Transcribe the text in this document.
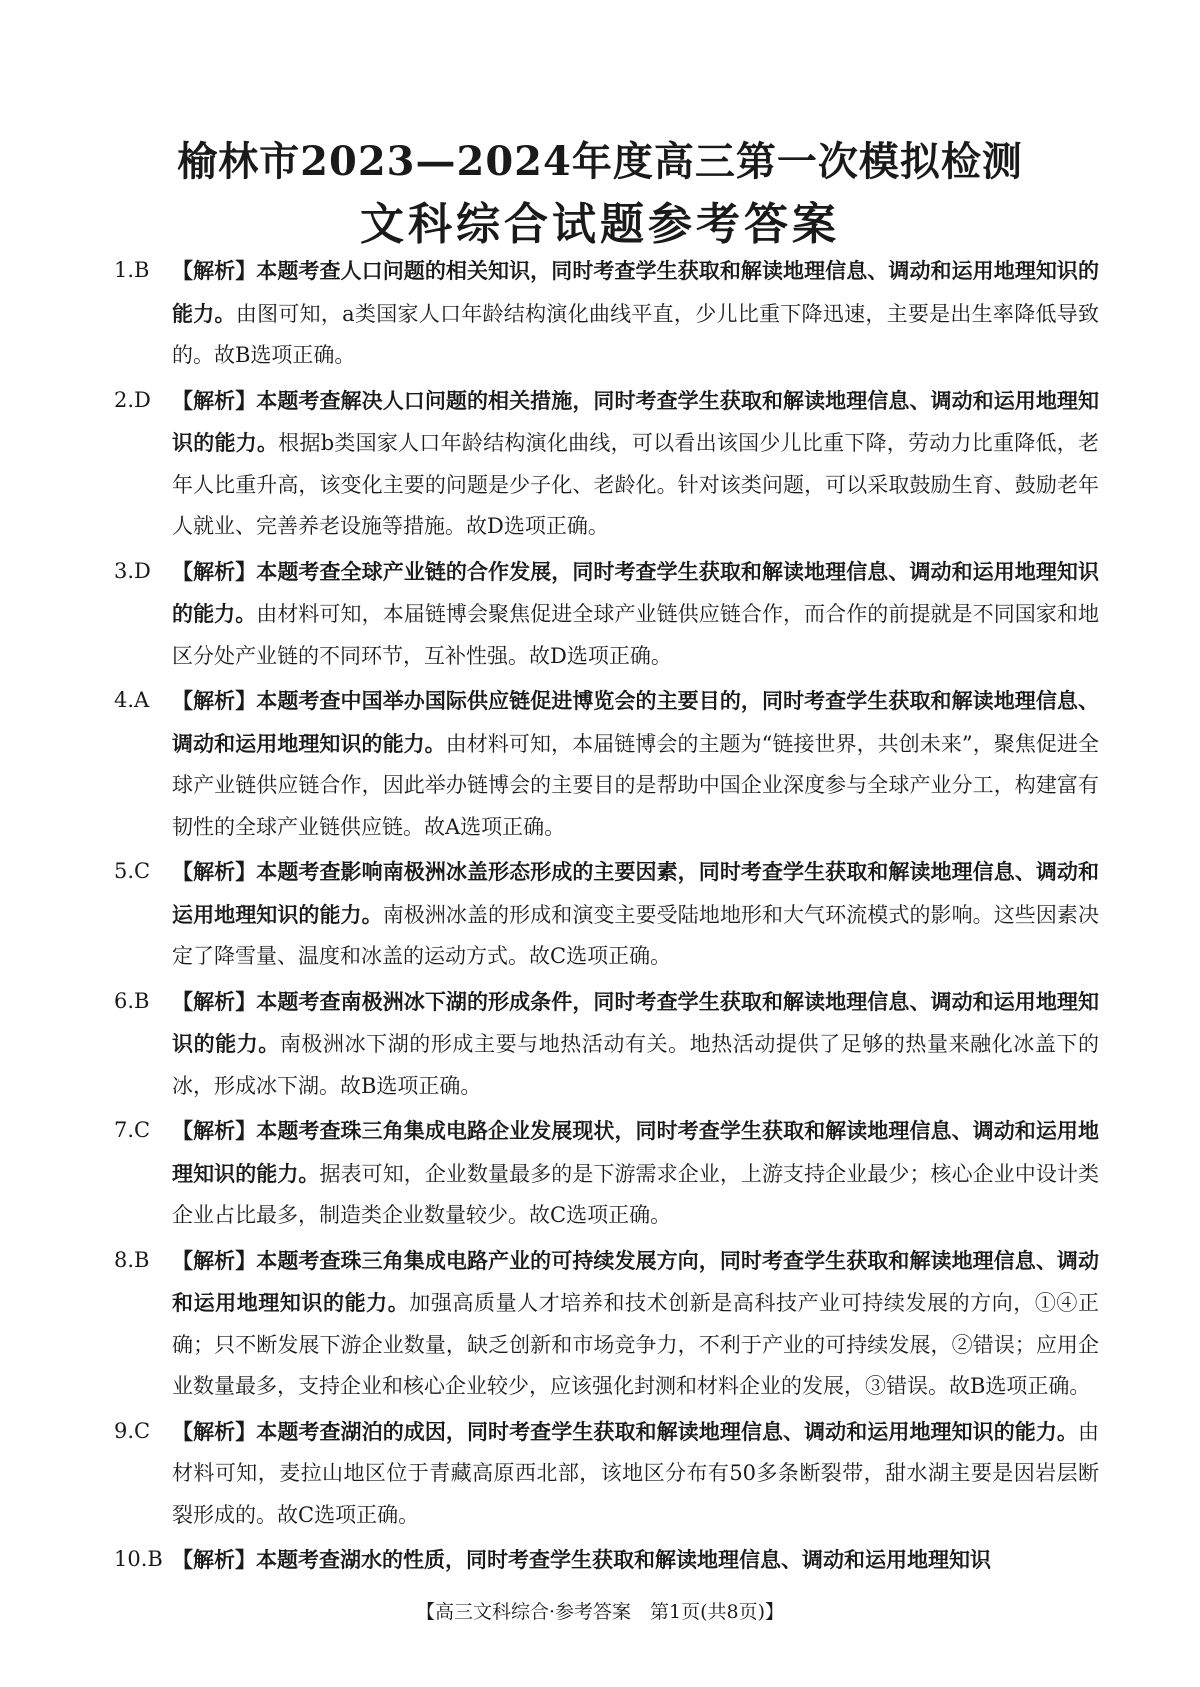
榆林市2023—2024年度高三第一次模拟检测
文科综合试题参考答案
1.B	【解析】本题考查人口问题的相关知识，同时考查学生获取和解读地理信息、调动和运用地理知识的能力。由图可知，a类国家人口年龄结构演化曲线平直，少儿比重下降迅速，主要是出生率降低导致的。故B选项正确。
2.D	【解析】本题考查解决人口问题的相关措施，同时考查学生获取和解读地理信息、调动和运用地理知识的能力。根据b类国家人口年龄结构演化曲线，可以看出该国少儿比重下降，劳动力比重降低，老年人比重升高，该变化主要的问题是少子化、老龄化。针对该类问题，可以采取鼓励生育、鼓励老年人就业、完善养老设施等措施。故D选项正确。
3.D	【解析】本题考查全球产业链的合作发展，同时考查学生获取和解读地理信息、调动和运用地理知识的能力。由材料可知，本届链博会聚焦促进全球产业链供应链合作，而合作的前提就是不同国家和地区分处产业链的不同环节，互补性强。故D选项正确。
4.A	【解析】本题考查中国举办国际供应链促进博览会的主要目的，同时考查学生获取和解读地理信息、调动和运用地理知识的能力。由材料可知，本届链博会的主题为“链接世界，共创未来”，聚焦促进全球产业链供应链合作，因此举办链博会的主要目的是帮助中国企业深度参与全球产业分工，构建富有韧性的全球产业链供应链。故A选项正确。
5.C	【解析】本题考查影响南极洲冰盖形态形成的主要因素，同时考查学生获取和解读地理信息、调动和运用地理知识的能力。南极洲冰盖的形成和演变主要受陆地地形和大气环流模式的影响。这些因素决定了降雪量、温度和冰盖的运动方式。故C选项正确。
6.B	【解析】本题考查南极洲冰下湖的形成条件，同时考查学生获取和解读地理信息、调动和运用地理知识的能力。南极洲冰下湖的形成主要与地热活动有关。地热活动提供了足够的热量来融化冰盖下的冰，形成冰下湖。故B选项正确。
7.C	【解析】本题考查珠三角集成电路企业发展现状，同时考查学生获取和解读地理信息、调动和运用地理知识的能力。据表可知，企业数量最多的是下游需求企业，上游支持企业最少；核心企业中设计类企业占比最多，制造类企业数量较少。故C选项正确。
8.B	【解析】本题考查珠三角集成电路产业的可持续发展方向，同时考查学生获取和解读地理信息、调动和运用地理知识的能力。加强高质量人才培养和技术创新是高科技产业可持续发展的方向，①④正确；只不断发展下游企业数量，缺乏创新和市场竞争力，不利于产业的可持续发展，②错误；应用企业数量最多，支持企业和核心企业较少，应该强化封测和材料企业的发展，③错误。故B选项正确。
9.C	【解析】本题考查湖泊的成因，同时考查学生获取和解读地理信息、调动和运用地理知识的能力。由材料可知，麦拉山地区位于青藏高原西北部，该地区分布有50多条断裂带，甜水湖主要是因岩层断裂形成的。故C选项正确。
10.B 【解析】本题考查湖水的性质，同时考查学生获取和解读地理信息、调动和运用地理知识
【高三文科综合·参考答案　第1页(共8页)】
